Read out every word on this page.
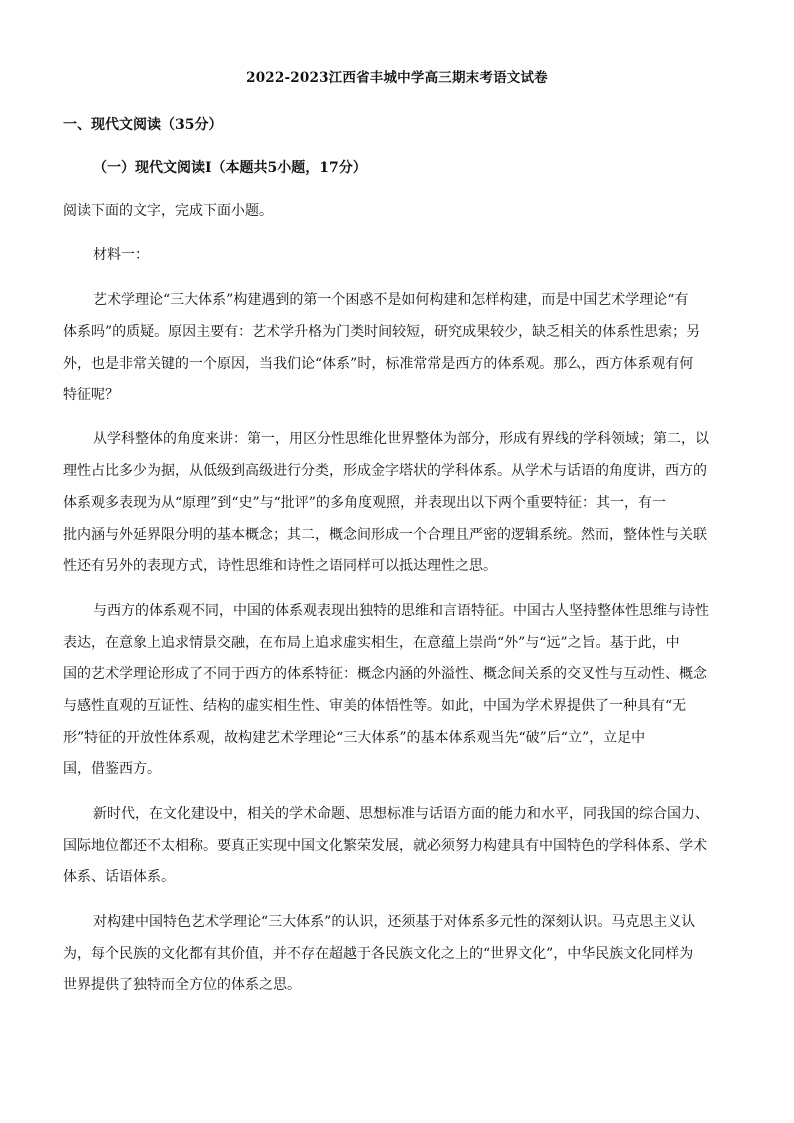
2022-2023江西省丰城中学高三期末考语文试卷
一、现代文阅读（35分）
（一）现代文阅读Ⅰ（本题共5小题，17分）
阅读下面的文字，完成下面小题。
材料一：
艺术学理论“三大体系”构建遇到的第一个困惑不是如何构建和怎样构建，而是中国艺术学理论“有
体系吗”的质疑。原因主要有：艺术学升格为门类时间较短，研究成果较少，缺乏相关的体系性思索；另
外，也是非常关键的一个原因，当我们论“体系”时，标准常常是西方的体系观。那么，西方体系观有何
特征呢？
从学科整体的角度来讲：第一，用区分性思维化世界整体为部分，形成有界线的学科领域；第二，以
理性占比多少为据，从低级到高级进行分类，形成金字塔状的学科体系。从学术与话语的角度讲，西方的
体系观多表现为从“原理”到“史”与“批评”的多角度观照，并表现出以下两个重要特征：其一，有一
批内涵与外延界限分明的基本概念；其二，概念间形成一个合理且严密的逻辑系统。然而，整体性与关联
性还有另外的表现方式，诗性思维和诗性之语同样可以抵达理性之思。
与西方的体系观不同，中国的体系观表现出独特的思维和言语特征。中国古人坚持整体性思维与诗性
表达，在意象上追求情景交融，在布局上追求虚实相生，在意蕴上崇尚“外”与“远”之旨。基于此，中
国的艺术学理论形成了不同于西方的体系特征：概念内涵的外溢性、概念间关系的交叉性与互动性、概念
与感性直观的互证性、结构的虚实相生性、审美的体悟性等。如此，中国为学术界提供了一种具有“无
形”特征的开放性体系观，故构建艺术学理论“三大体系”的基本体系观当先“破”后“立”，立足中
国，借鉴西方。
新时代，在文化建设中，相关的学术命题、思想标准与话语方面的能力和水平，同我国的综合国力、
国际地位都还不太相称。要真正实现中国文化繁荣发展，就必须努力构建具有中国特色的学科体系、学术
体系、话语体系。
对构建中国特色艺术学理论“三大体系”的认识，还须基于对体系多元性的深刻认识。马克思主义认
为，每个民族的文化都有其价值，并不存在超越于各民族文化之上的“世界文化”，中华民族文化同样为
世界提供了独特而全方位的体系之思。
